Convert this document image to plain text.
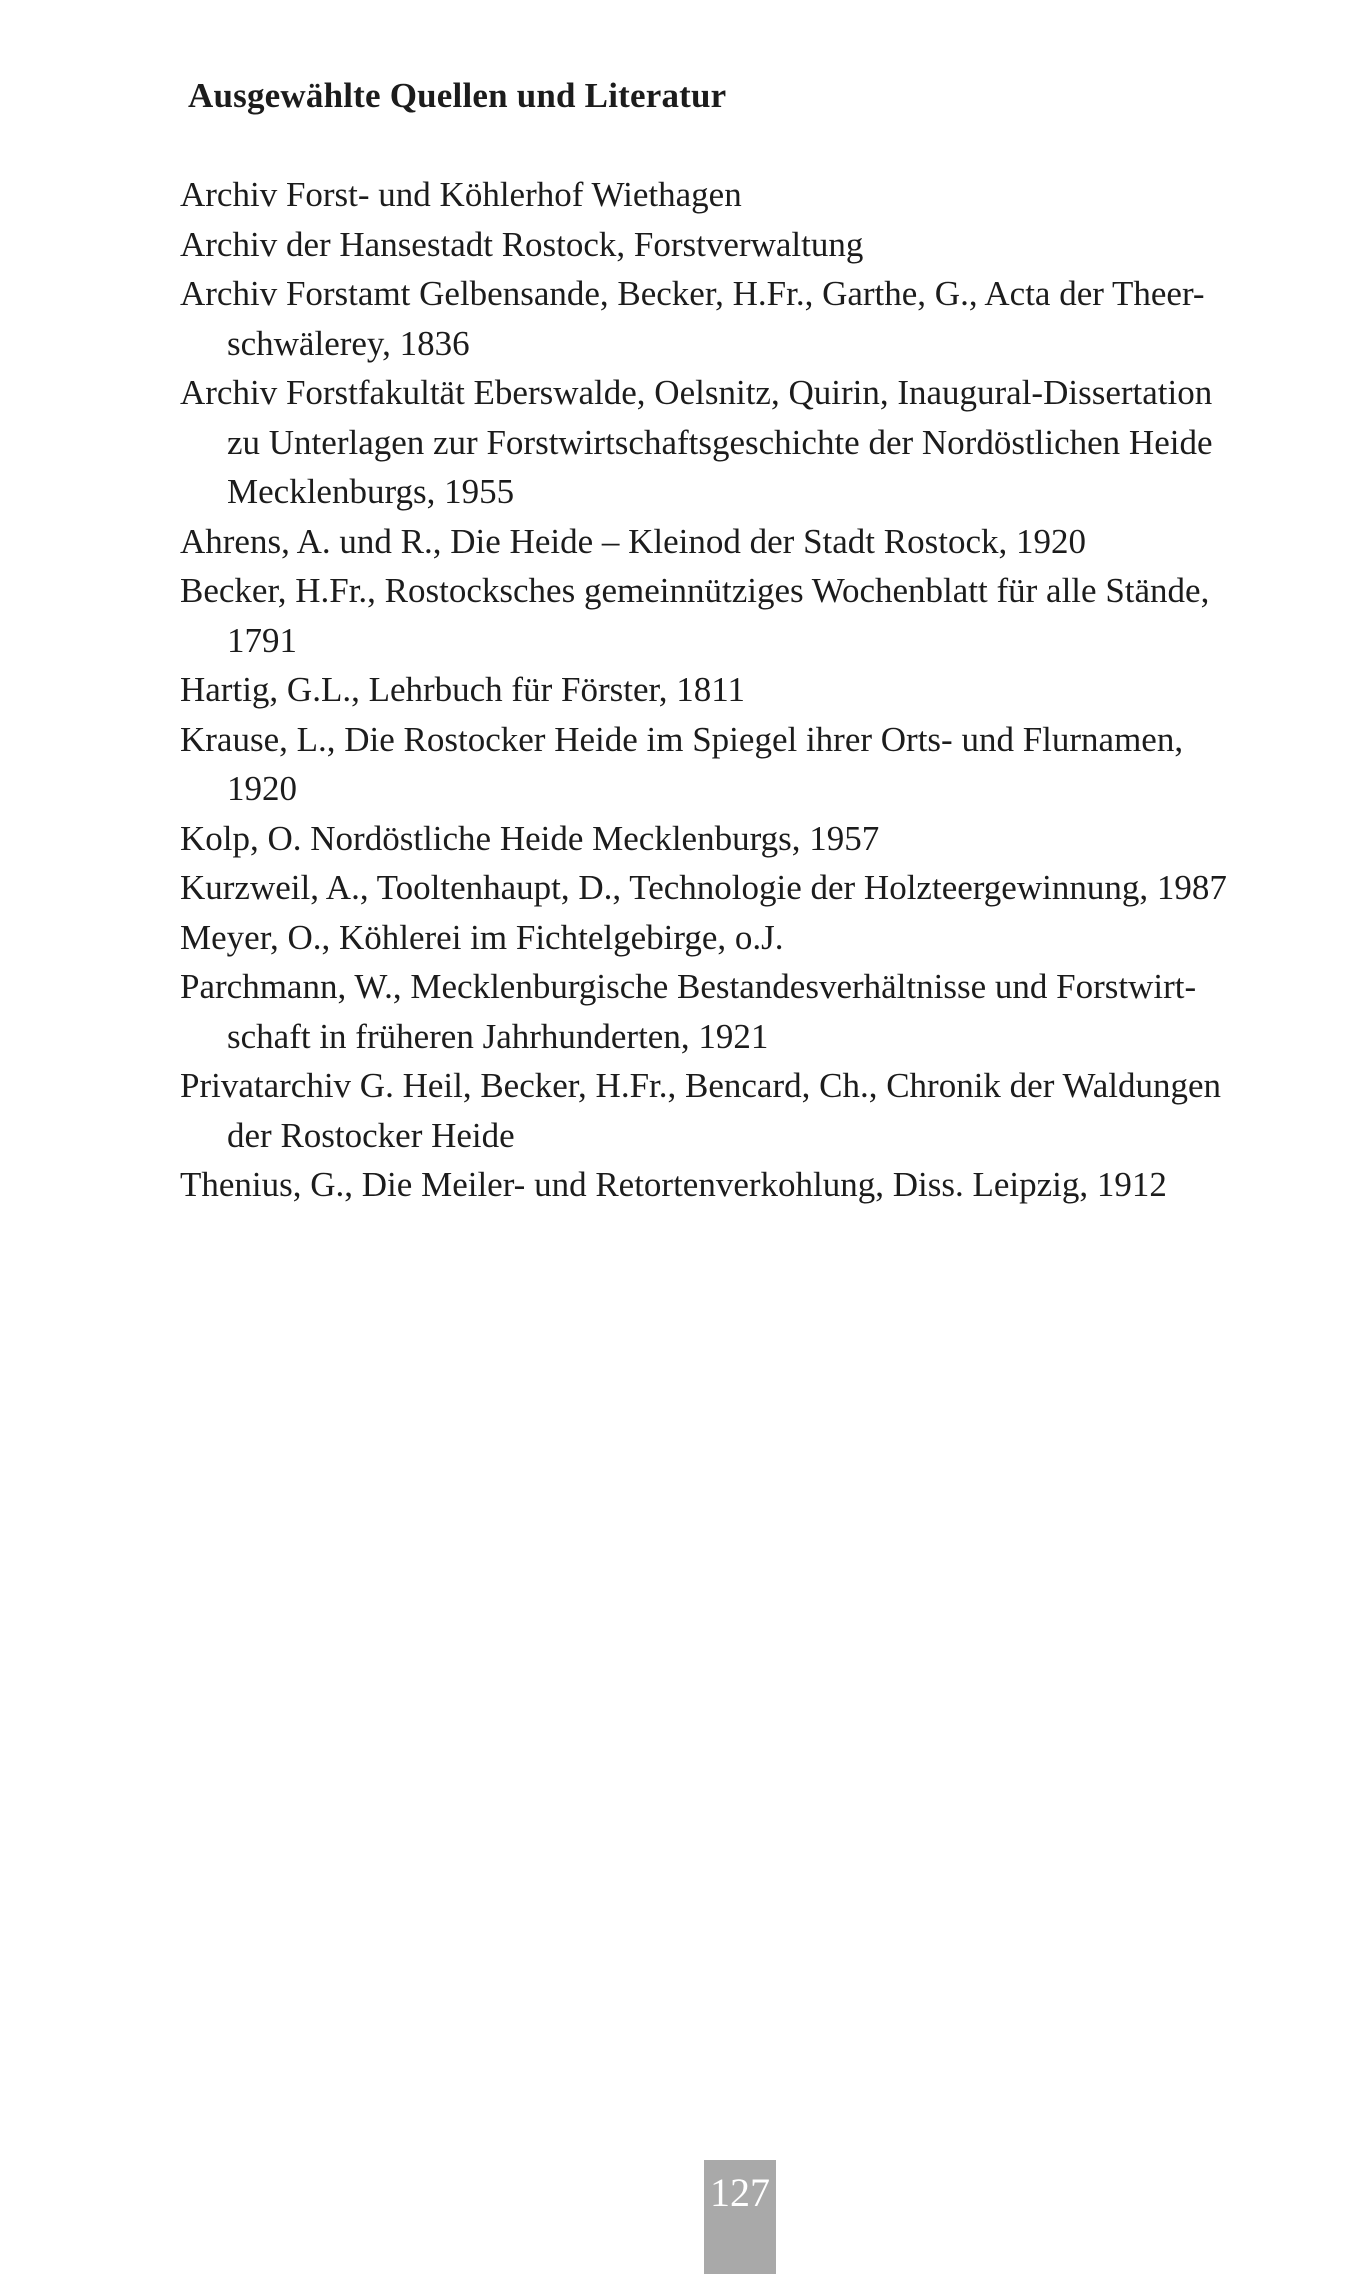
Ausgewählte Quellen und Literatur
Archiv Forst- und Köhlerhof Wiethagen
Archiv der Hansestadt Rostock, Forstverwaltung
Archiv Forstamt Gelbensande, Becker, H.Fr., Garthe, G., Acta der Theer-
schwälerey, 1836
Archiv Forstfakultät Eberswalde, Oelsnitz, Quirin, Inaugural-Dissertation
zu Unterlagen zur Forstwirtschaftsgeschichte der Nordöstlichen Heide
Mecklenburgs, 1955
Ahrens, A. und R., Die Heide – Kleinod der Stadt Rostock, 1920
Becker, H.Fr., Rostocksches gemeinnütziges Wochenblatt für alle Stände,
1791
Hartig, G.L., Lehrbuch für Förster, 1811
Krause, L., Die Rostocker Heide im Spiegel ihrer Orts- und Flurnamen,
1920
Kolp, O. Nordöstliche Heide Mecklenburgs, 1957
Kurzweil, A., Tooltenhaupt, D., Technologie der Holzteergewinnung, 1987
Meyer, O., Köhlerei im Fichtelgebirge, o.J.
Parchmann, W., Mecklenburgische Bestandesverhältnisse und Forstwirt-
schaft in früheren Jahrhunderten, 1921
Privatarchiv G. Heil, Becker, H.Fr., Bencard, Ch., Chronik der Waldungen
der Rostocker Heide
Thenius, G., Die Meiler- und Retortenverkohlung, Diss. Leipzig, 1912
127
